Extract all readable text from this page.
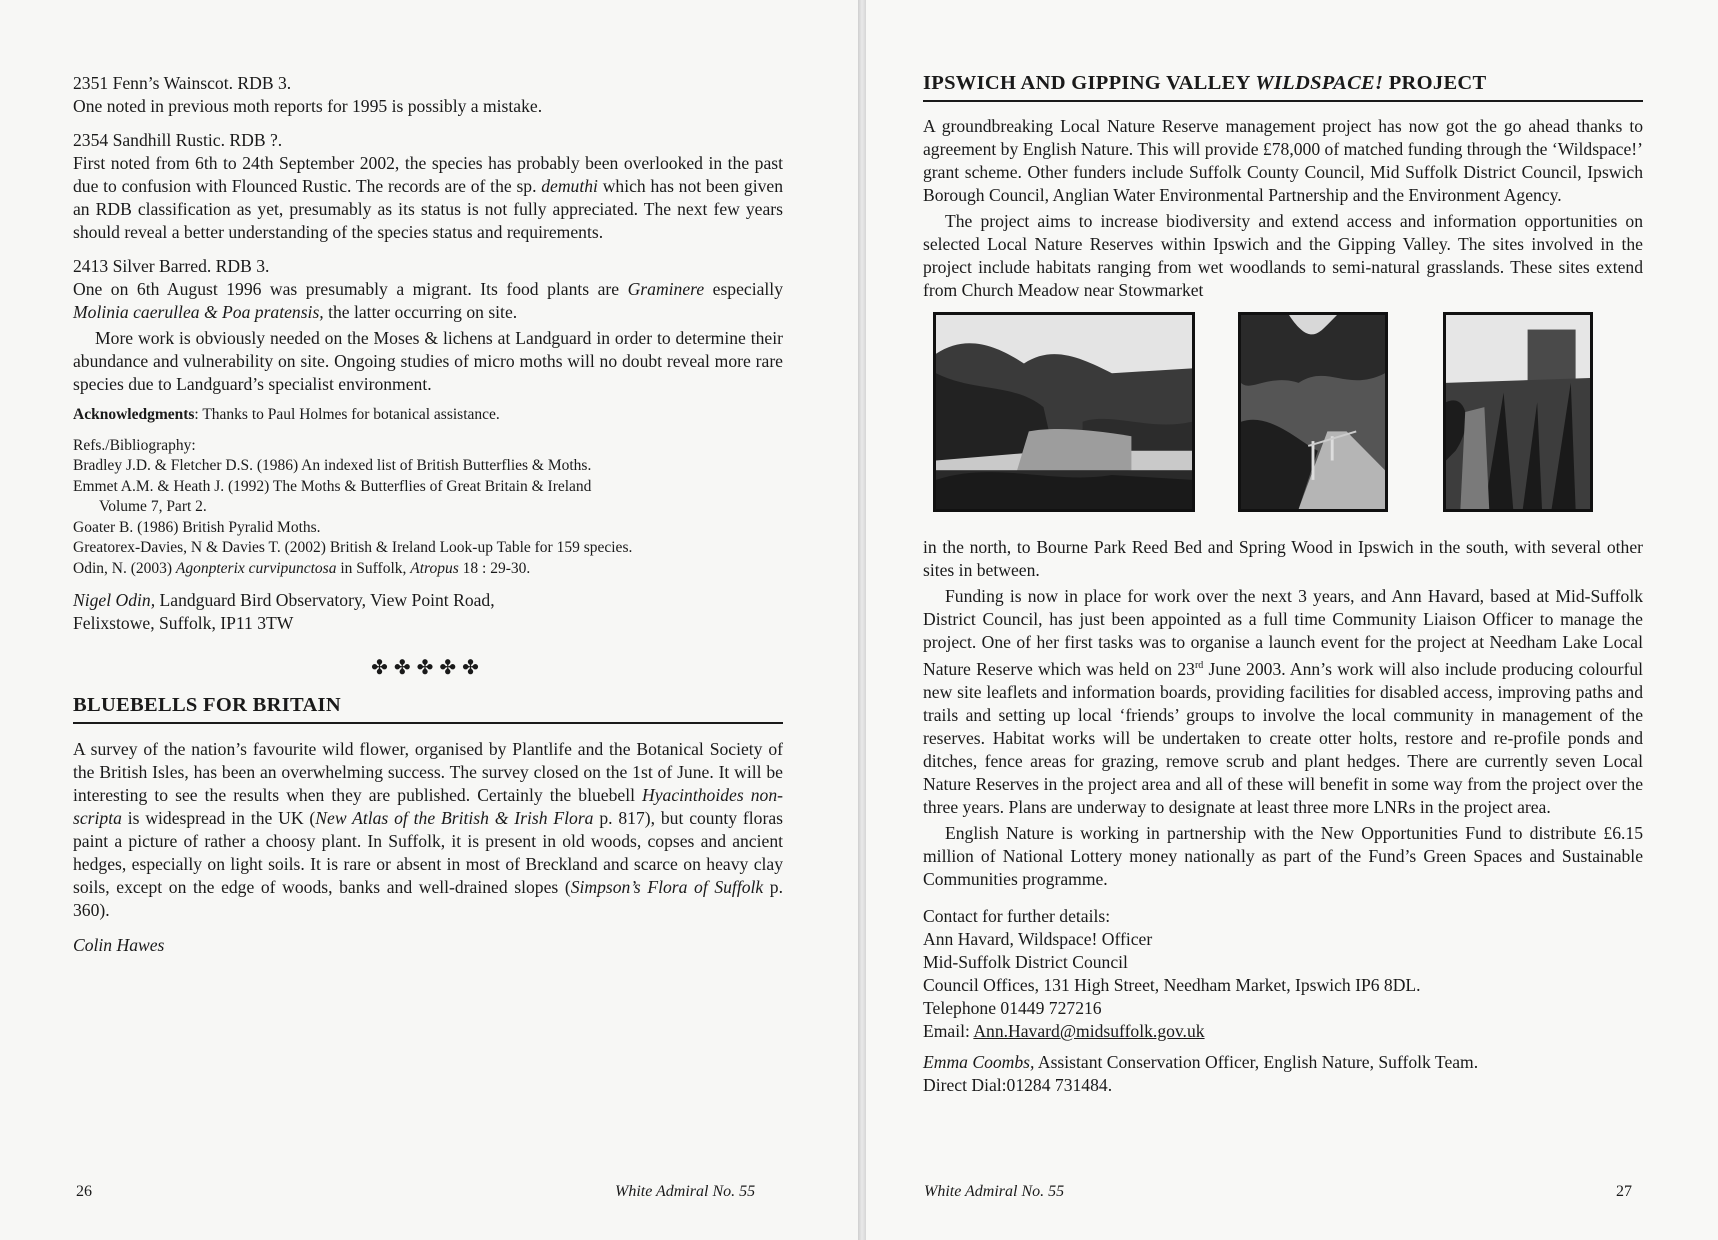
2351 Fenn’s Wainscot. RDB 3.

One noted in previous moth reports for 1995 is possibly a mistake.

2354 Sandhill Rustic. RDB ?.

First noted from 6th to 24th September 2002, the species has probably been overlooked in the past due to confusion with Flounced Rustic. The records are of the sp. demuthi which has not been given an RDB classification as yet, presumably as its status is not fully appreciated. The next few years should reveal a better understanding of the species status and requirements.

2413 Silver Barred. RDB 3.

One on 6th August 1996 was presumably a migrant. Its food plants are Graminere especially Molinia caerullea & Poa pratensis, the latter occurring on site.

More work is obviously needed on the Moses & lichens at Landguard in order to determine their abundance and vulnerability on site. Ongoing studies of micro moths will no doubt reveal more rare species due to Landguard’s specialist environment.

Acknowledgments: Thanks to Paul Holmes for botanical assistance.

Refs./Bibliography:

Bradley J.D. & Fletcher D.S. (1986) An indexed list of British Butterflies & Moths.

Emmet A.M. & Heath J. (1992) The Moths & Butterflies of Great Britain & Ireland

Volume 7, Part 2.

Goater B. (1986) British Pyralid Moths.

Greatorex-Davies, N & Davies T. (2002) British & Ireland Look-up Table for 159 species.

Odin, N. (2003) Agonpterix curvipunctosa in Suffolk, Atropus 18 : 29-30.

Nigel Odin, Landguard Bird Observatory, View Point Road,

Felixstowe, Suffolk, IP11 3TW

✤✤✤✤✤
BLUEBELLS FOR BRITAIN

A survey of the nation’s favourite wild flower, organised by Plantlife and the Botanical Society of the British Isles, has been an overwhelming success. The survey closed on the 1st of June. It will be interesting to see the results when they are published. Certainly the bluebell Hyacinthoides non-scripta is widespread in the UK (New Atlas of the British & Irish Flora p. 817), but county floras paint a picture of rather a choosy plant. In Suffolk, it is present in old woods, copses and ancient hedges, especially on light soils. It is rare or absent in most of Breckland and scarce on heavy clay soils, except on the edge of woods, banks and well-drained slopes (Simpson’s Flora of Suffolk p. 360).

Colin Hawes

26	White Admiral No. 55
IPSWICH AND GIPPING VALLEY WILDSPACE! PROJECT

A groundbreaking Local Nature Reserve management project has now got the go ahead thanks to agreement by English Nature. This will provide £78,000 of matched funding through the ‘Wildspace!’ grant scheme. Other funders include Suffolk County Council, Mid Suffolk District Council, Ipswich Borough Council, Anglian Water Environmental Partnership and the Environment Agency.

The project aims to increase biodiversity and extend access and information opportunities on selected Local Nature Reserves within Ipswich and the Gipping Valley. The sites involved in the project include habitats ranging from wet woodlands to semi-natural grasslands. These sites extend from Church Meadow near Stowmarket

in the north, to Bourne Park Reed Bed and Spring Wood in Ipswich in the south, with several other sites in between.

Funding is now in place for work over the next 3 years, and Ann Havard, based at Mid-Suffolk District Council, has just been appointed as a full time Community Liaison Officer to manage the project. One of her first tasks was to organise a launch event for the project at Needham Lake Local Nature Reserve which was held on 23rd June 2003. Ann’s work will also include producing colourful new site leaflets and information boards, providing facilities for disabled access, improving paths and trails and setting up local ‘friends’ groups to involve the local community in management of the reserves. Habitat works will be undertaken to create otter holts, restore and re-profile ponds and ditches, fence areas for grazing, remove scrub and plant hedges. There are currently seven Local Nature Reserves in the project area and all of these will benefit in some way from the project over the three years. Plans are underway to designate at least three more LNRs in the project area.

English Nature is working in partnership with the New Opportunities Fund to distribute £6.15 million of National Lottery money nationally as part of the Fund’s Green Spaces and Sustainable Communities programme.

Contact for further details:

Ann Havard, Wildspace! Officer

Mid-Suffolk District Council

Council Offices, 131 High Street, Needham Market, Ipswich IP6 8DL.

Telephone 01449 727216

Email: Ann.Havard@midsuffolk.gov.uk

Emma Coombs, Assistant Conservation Officer, English Nature, Suffolk Team.

Direct Dial:01284 731484.

White Admiral No. 55	27
